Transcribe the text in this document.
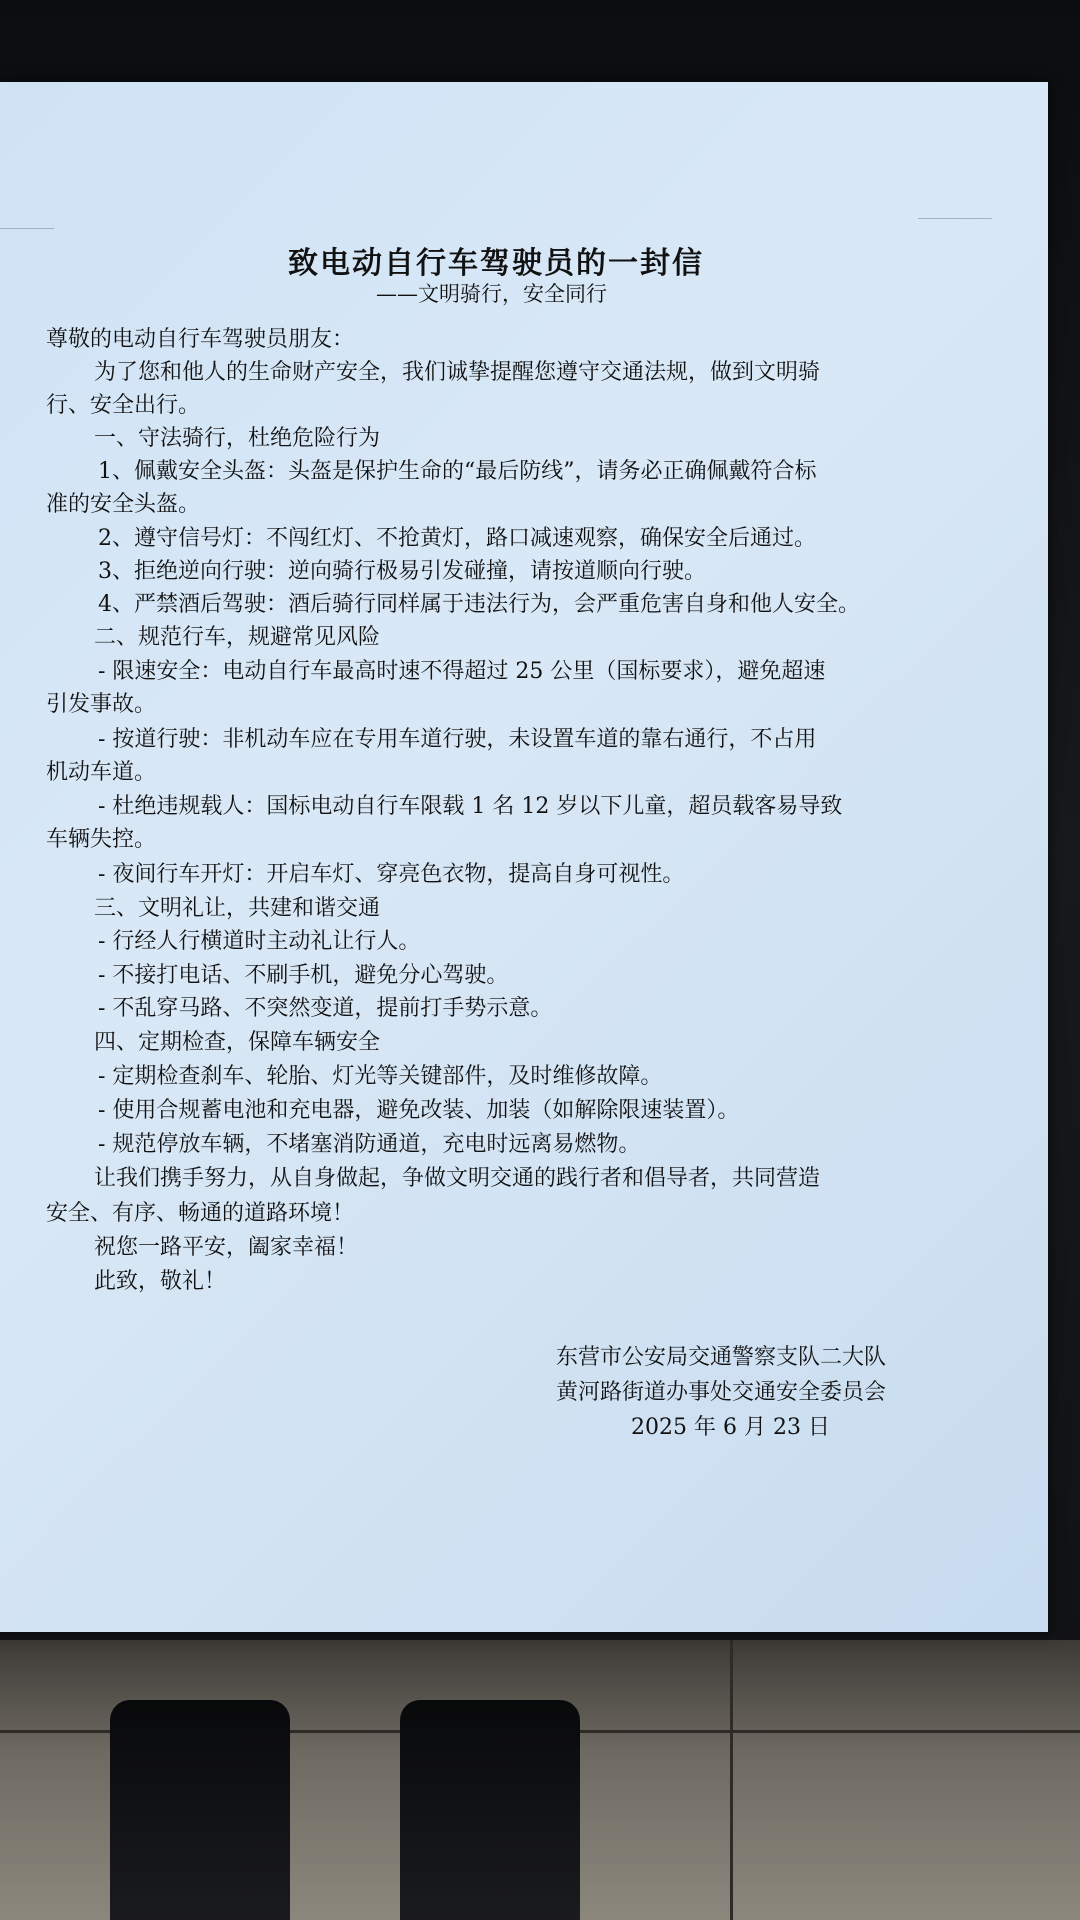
致电动自行车驾驶员的一封信
——文明骑行，安全同行
尊敬的电动自行车驾驶员朋友：
为了您和他人的生命财产安全，我们诚挚提醒您遵守交通法规，做到文明骑
行、安全出行。
一、守法骑行，杜绝危险行为
1、佩戴安全头盔：头盔是保护生命的“最后防线”，请务必正确佩戴符合标
准的安全头盔。
2、遵守信号灯：不闯红灯、不抢黄灯，路口减速观察，确保安全后通过。
3、拒绝逆向行驶：逆向骑行极易引发碰撞，请按道顺向行驶。
4、严禁酒后驾驶：酒后骑行同样属于违法行为，会严重危害自身和他人安全。
二、规范行车，规避常见风险
- 限速安全：电动自行车最高时速不得超过 25 公里（国标要求），避免超速
引发事故。
- 按道行驶：非机动车应在专用车道行驶，未设置车道的靠右通行，不占用
机动车道。
- 杜绝违规载人：国标电动自行车限载 1 名 12 岁以下儿童，超员载客易导致
车辆失控。
- 夜间行车开灯：开启车灯、穿亮色衣物，提高自身可视性。
三、文明礼让，共建和谐交通
- 行经人行横道时主动礼让行人。
- 不接打电话、不刷手机，避免分心驾驶。
- 不乱穿马路、不突然变道，提前打手势示意。
四、定期检查，保障车辆安全
- 定期检查刹车、轮胎、灯光等关键部件，及时维修故障。
- 使用合规蓄电池和充电器，避免改装、加装（如解除限速装置）。
- 规范停放车辆，不堵塞消防通道，充电时远离易燃物。
让我们携手努力，从自身做起，争做文明交通的践行者和倡导者，共同营造
安全、有序、畅通的道路环境！
祝您一路平安，阖家幸福！
此致，敬礼！
东营市公安局交通警察支队二大队
黄河路街道办事处交通安全委员会
2025 年 6 月 23 日
